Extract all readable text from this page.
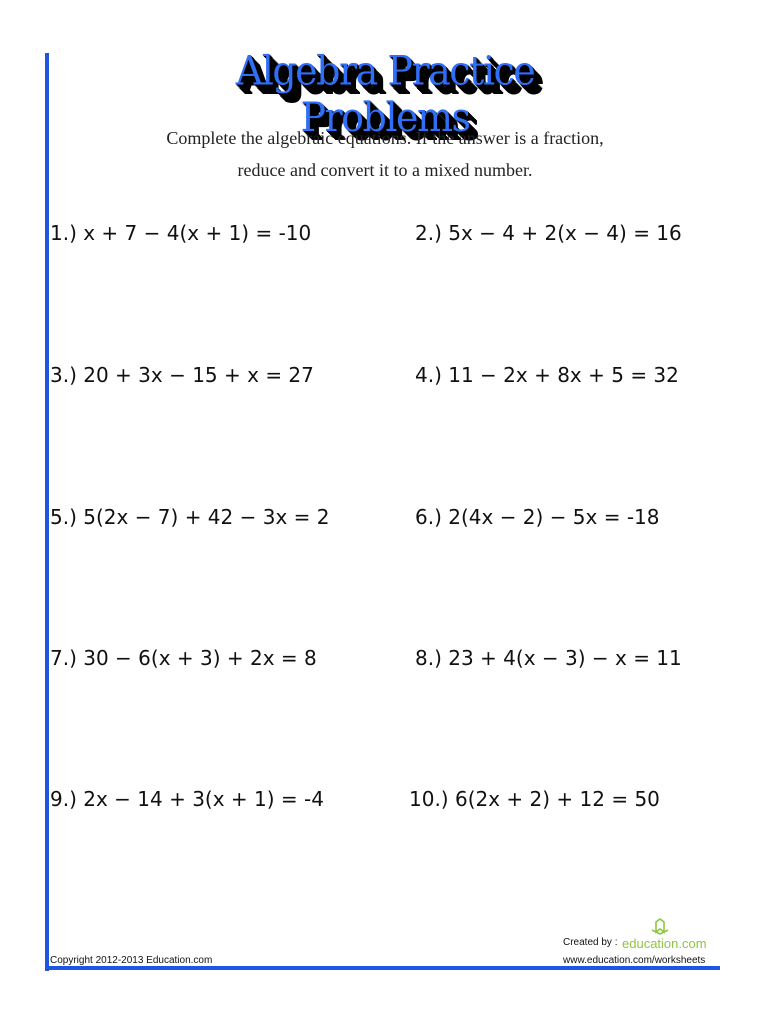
Algebra Practice Problems
Complete the algebraic equations. If the answer is a fraction,
reduce and convert it to a mixed number.
1.) x + 7 − 4(x + 1) = -10	2.) 5x − 4 + 2(x − 4) = 16
3.) 20 + 3x − 15 + x = 27	4.) 11 − 2x + 8x + 5 = 32
5.) 5(2x − 7) + 42 − 3x = 2	6.) 2(4x − 2) − 5x = -18
7.) 30 − 6(x + 3) + 2x = 8	8.) 23 + 4(x − 3) − x = 11
9.) 2x − 14 + 3(x + 1) = -4	10.) 6(2x + 2) + 12 = 50
Created by : education.com
Copyright 2012-2013 Education.com	www.education.com/worksheets
